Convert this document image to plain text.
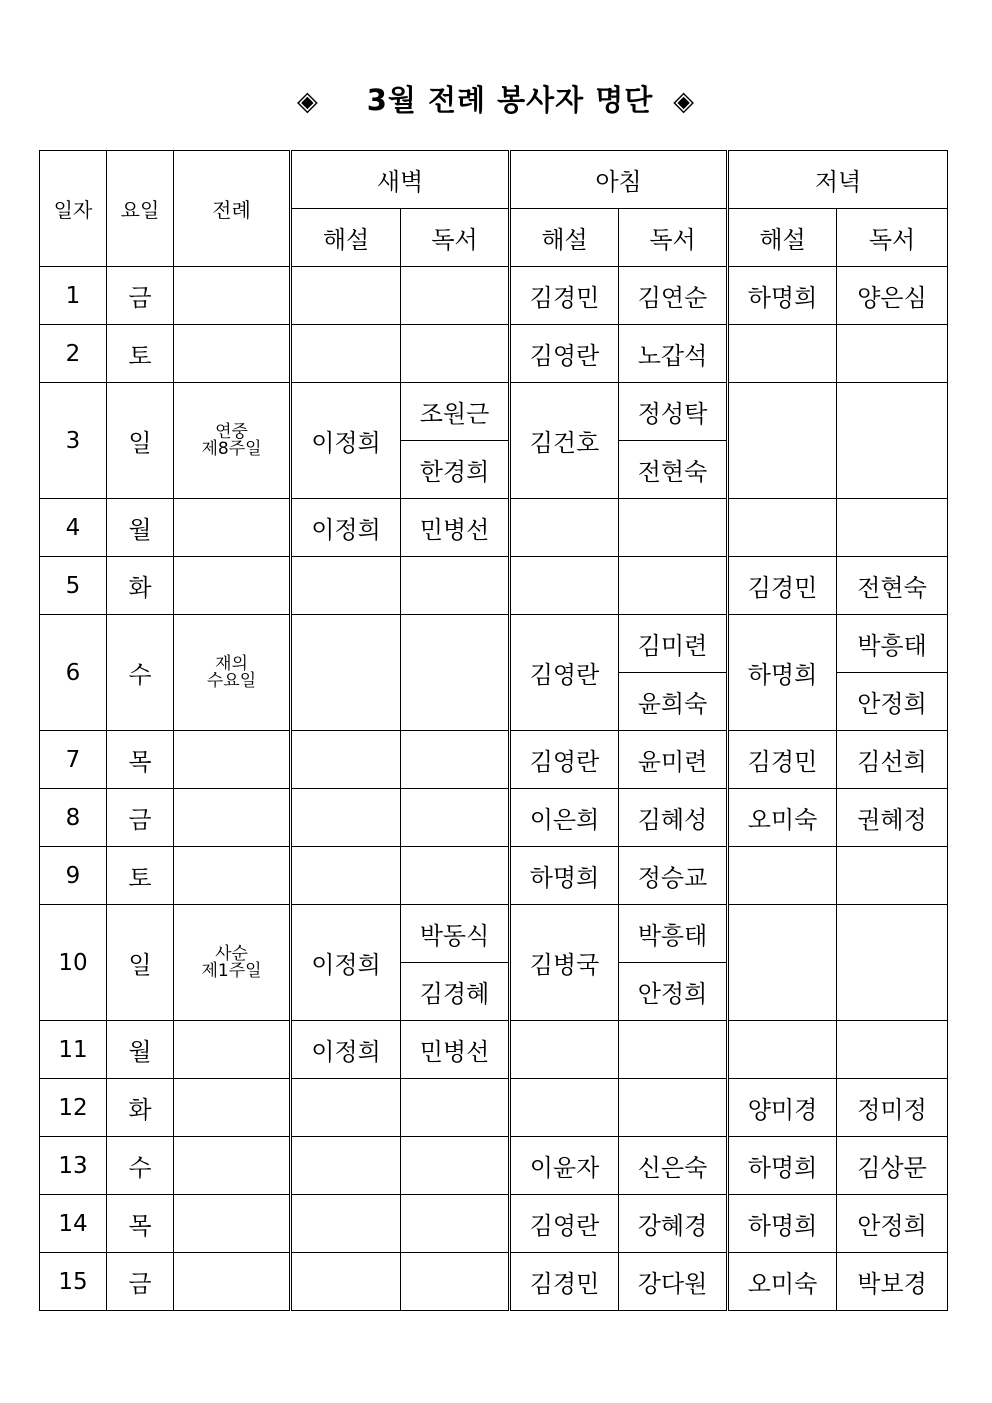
◈ 3월 전례 봉사자 명단 ◈
일자	요일	전례	새벽		아침		저녁	
			해설	독서	해설	독서	해설	독서
1	금				김경민	김연순	하명희	양은심
2	토				김영란	노갑석		
3	일	연중
제8주일	이정희	조원근	김건호	정성탁		
				한경희		전현숙		
4	월		이정희	민병선				
5	화						김경민	전현숙
6	수	재의
수요일			김영란	김미련	하명희	박흥태
						윤희숙		안정희
7	목				김영란	윤미련	김경민	김선희
8	금				이은희	김혜성	오미숙	권혜정
9	토				하명희	정승교		
10	일	사순
제1주일	이정희	박동식	김병국	박흥태		
				김경혜		안정희		
11	월		이정희	민병선				
12	화						양미경	정미정
13	수				이윤자	신은숙	하명희	김상문
14	목				김영란	강혜경	하명희	안정희
15	금				김경민	강다원	오미숙	박보경
